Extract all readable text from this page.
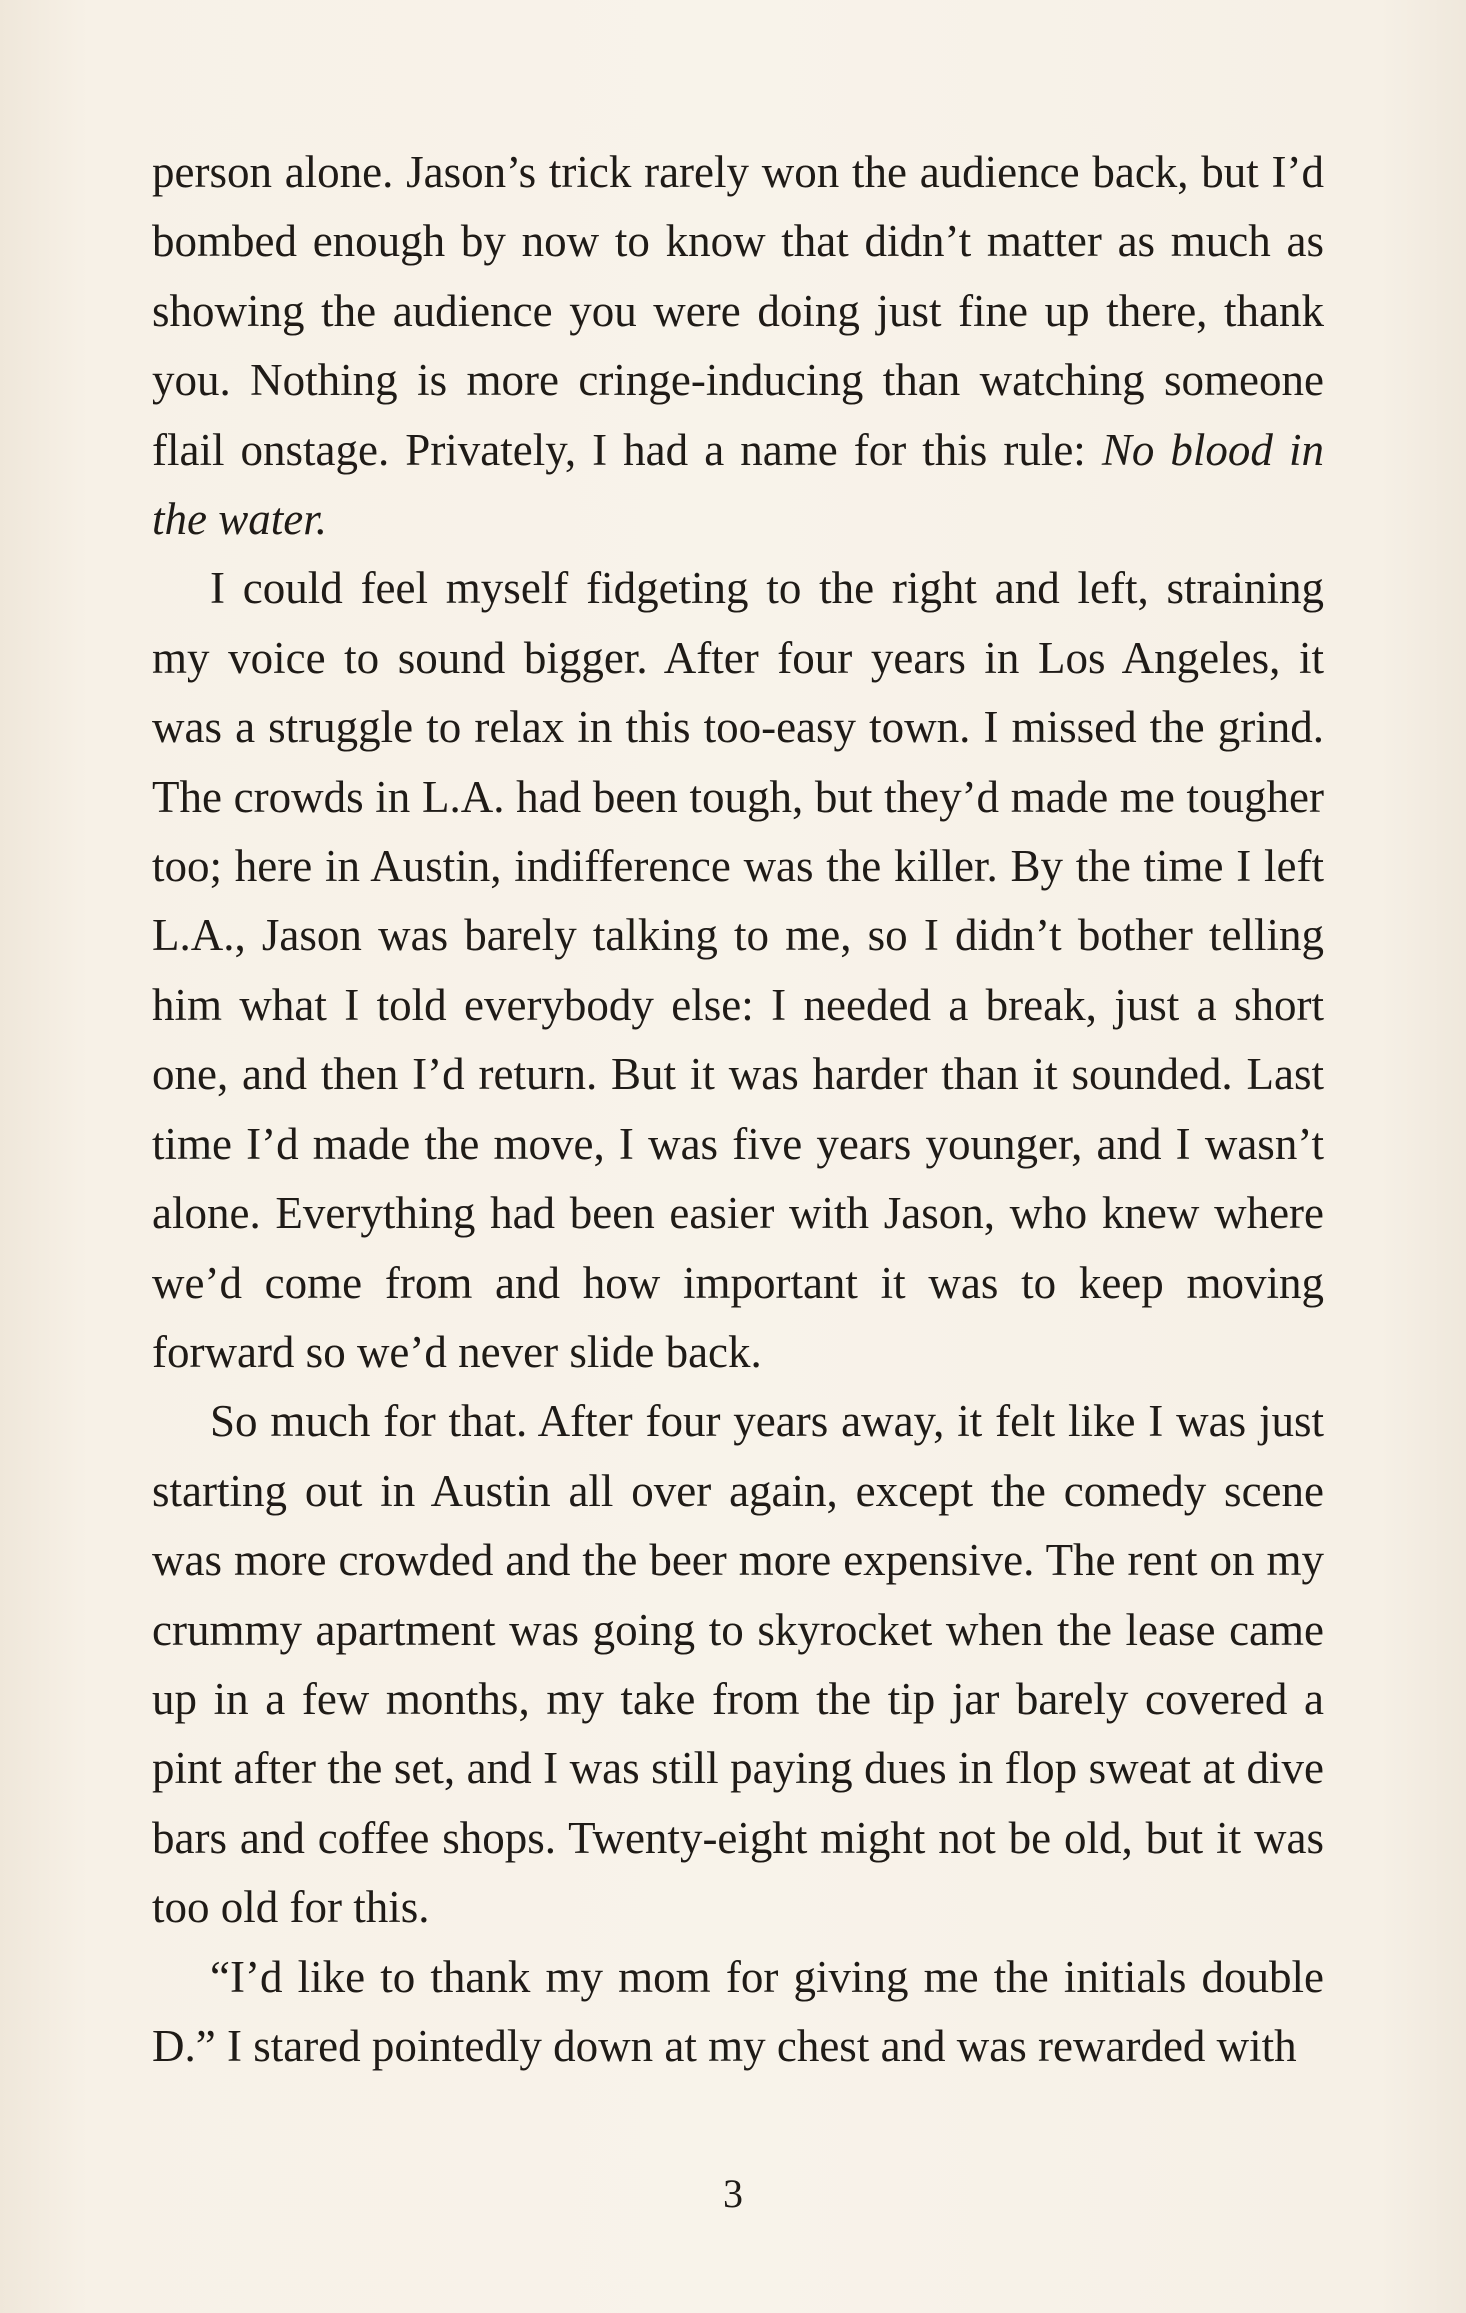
person alone. Jason’s trick rarely won the audience back, but I’d bombed enough by now to know that didn’t matter as much as showing the audience you were doing just fine up there, thank you. Nothing is more cringe-inducing than watching someone flail onstage. Privately, I had a name for this rule: No blood in the water.

I could feel myself fidgeting to the right and left, straining my voice to sound bigger. After four years in Los Angeles, it was a struggle to relax in this too-easy town. I missed the grind. The crowds in L.A. had been tough, but they’d made me tougher too; here in Austin, indifference was the killer. By the time I left L.A., Jason was barely talking to me, so I didn’t bother telling him what I told everybody else: I needed a break, just a short one, and then I’d return. But it was harder than it sounded. Last time I’d made the move, I was five years younger, and I wasn’t alone. Everything had been easier with Jason, who knew where we’d come from and how important it was to keep moving forward so we’d never slide back.

So much for that. After four years away, it felt like I was just starting out in Austin all over again, except the comedy scene was more crowded and the beer more expensive. The rent on my crummy apartment was going to skyrocket when the lease came up in a few months, my take from the tip jar barely covered a pint after the set, and I was still paying dues in flop sweat at dive bars and coffee shops. Twenty-eight might not be old, but it was too old for this.

“I’d like to thank my mom for giving me the initials double D.” I stared pointedly down at my chest and was rewarded with

3
